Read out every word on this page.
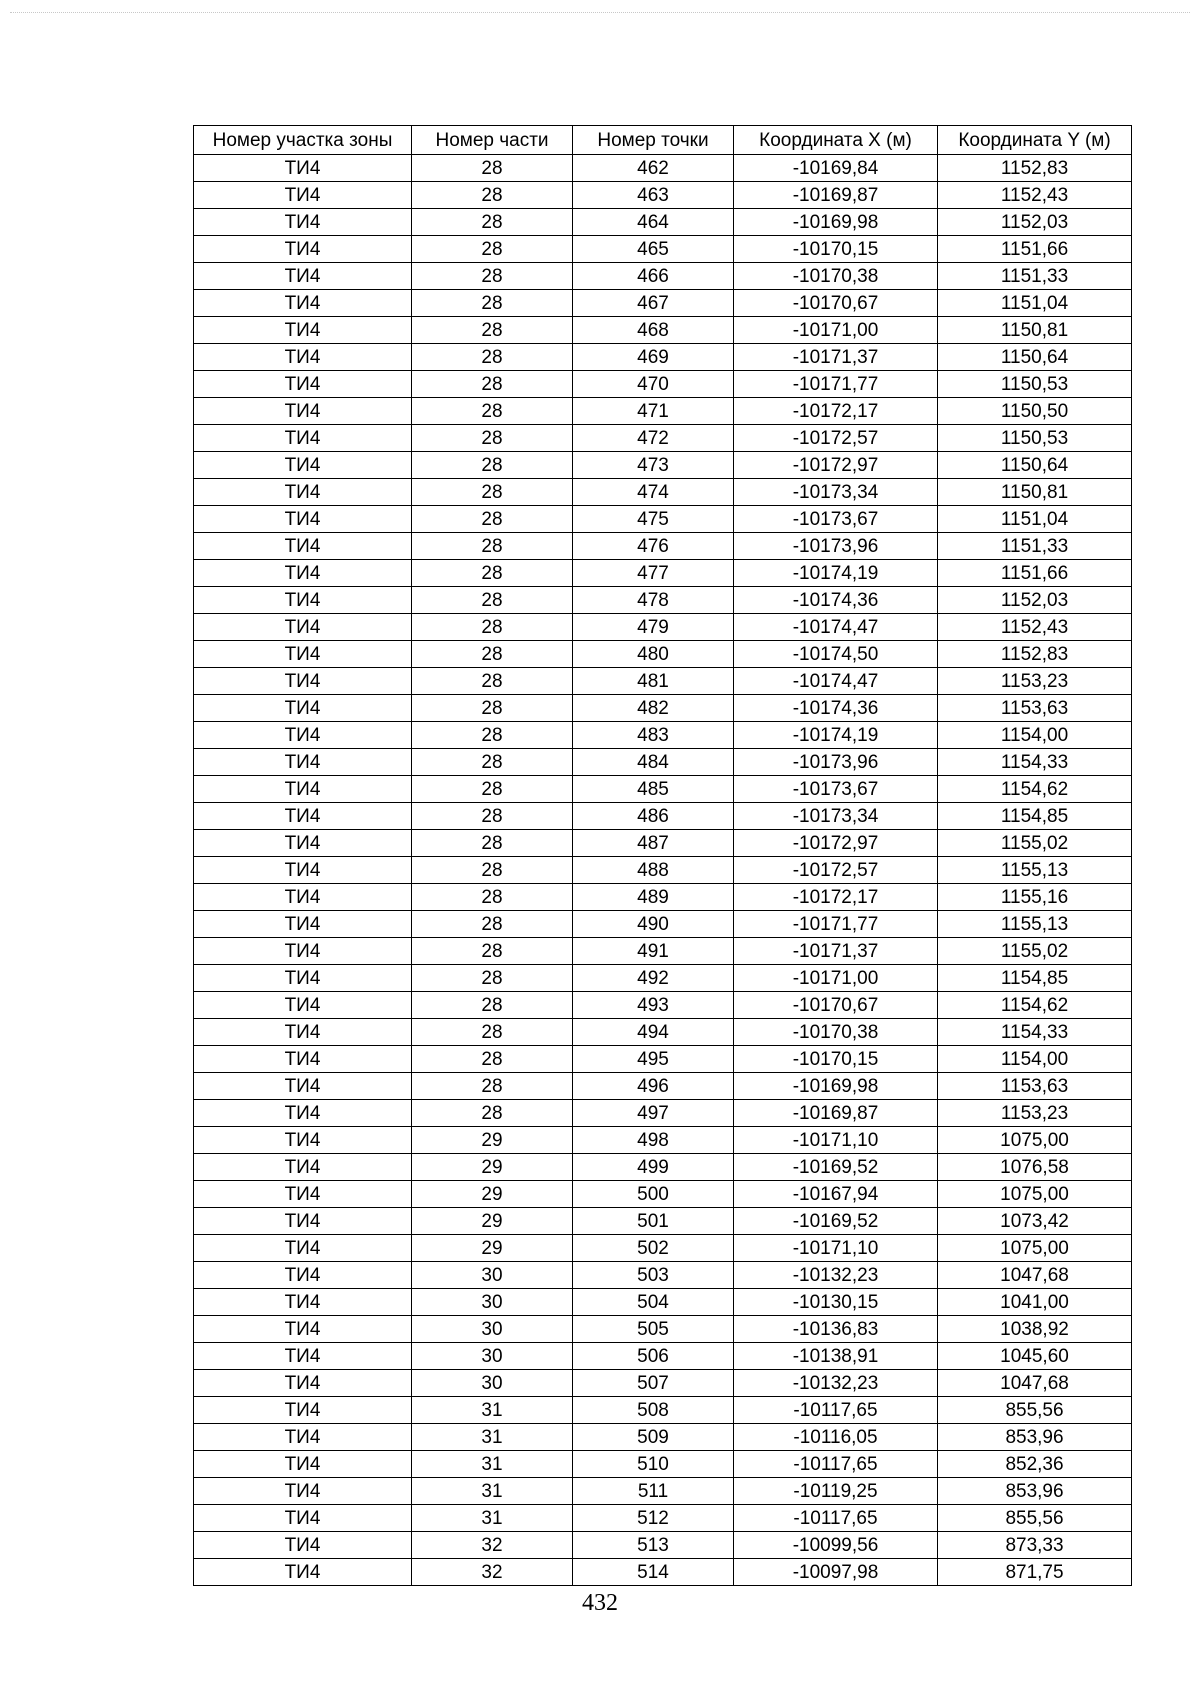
Номер участка зоны	Номер части	Номер точки	Координата X (м)	Координата Y (м)
ТИ4	28	462	-10169,84	1152,83
ТИ4	28	463	-10169,87	1152,43
ТИ4	28	464	-10169,98	1152,03
ТИ4	28	465	-10170,15	1151,66
ТИ4	28	466	-10170,38	1151,33
ТИ4	28	467	-10170,67	1151,04
ТИ4	28	468	-10171,00	1150,81
ТИ4	28	469	-10171,37	1150,64
ТИ4	28	470	-10171,77	1150,53
ТИ4	28	471	-10172,17	1150,50
ТИ4	28	472	-10172,57	1150,53
ТИ4	28	473	-10172,97	1150,64
ТИ4	28	474	-10173,34	1150,81
ТИ4	28	475	-10173,67	1151,04
ТИ4	28	476	-10173,96	1151,33
ТИ4	28	477	-10174,19	1151,66
ТИ4	28	478	-10174,36	1152,03
ТИ4	28	479	-10174,47	1152,43
ТИ4	28	480	-10174,50	1152,83
ТИ4	28	481	-10174,47	1153,23
ТИ4	28	482	-10174,36	1153,63
ТИ4	28	483	-10174,19	1154,00
ТИ4	28	484	-10173,96	1154,33
ТИ4	28	485	-10173,67	1154,62
ТИ4	28	486	-10173,34	1154,85
ТИ4	28	487	-10172,97	1155,02
ТИ4	28	488	-10172,57	1155,13
ТИ4	28	489	-10172,17	1155,16
ТИ4	28	490	-10171,77	1155,13
ТИ4	28	491	-10171,37	1155,02
ТИ4	28	492	-10171,00	1154,85
ТИ4	28	493	-10170,67	1154,62
ТИ4	28	494	-10170,38	1154,33
ТИ4	28	495	-10170,15	1154,00
ТИ4	28	496	-10169,98	1153,63
ТИ4	28	497	-10169,87	1153,23
ТИ4	29	498	-10171,10	1075,00
ТИ4	29	499	-10169,52	1076,58
ТИ4	29	500	-10167,94	1075,00
ТИ4	29	501	-10169,52	1073,42
ТИ4	29	502	-10171,10	1075,00
ТИ4	30	503	-10132,23	1047,68
ТИ4	30	504	-10130,15	1041,00
ТИ4	30	505	-10136,83	1038,92
ТИ4	30	506	-10138,91	1045,60
ТИ4	30	507	-10132,23	1047,68
ТИ4	31	508	-10117,65	855,56
ТИ4	31	509	-10116,05	853,96
ТИ4	31	510	-10117,65	852,36
ТИ4	31	511	-10119,25	853,96
ТИ4	31	512	-10117,65	855,56
ТИ4	32	513	-10099,56	873,33
ТИ4	32	514	-10097,98	871,75
432
